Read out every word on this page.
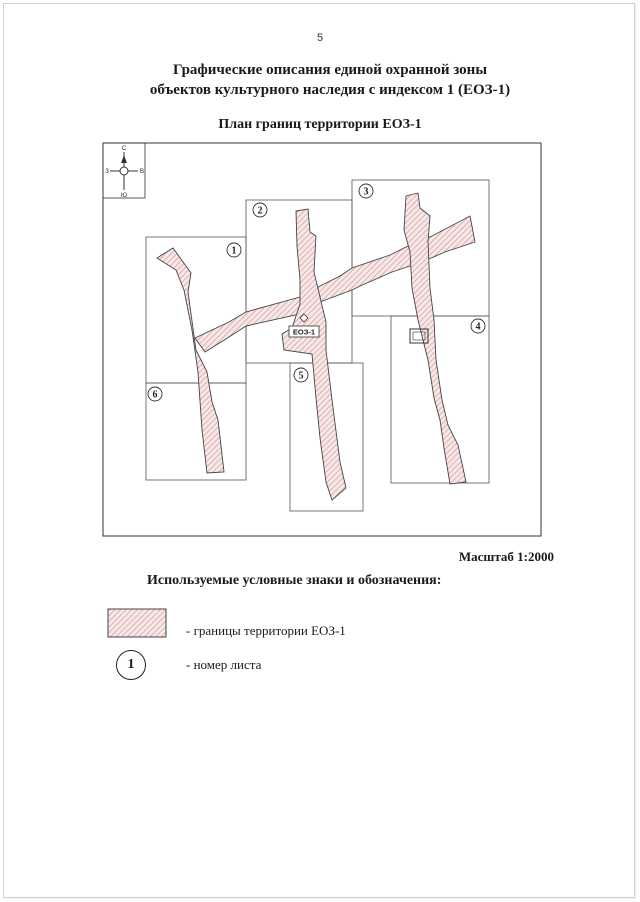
5
Графические описания единой охранной зоны
объектов культурного наследия с индексом 1 (ЕОЗ-1)
План границ территории ЕОЗ-1
ЕОЗ-1
1
2
3
4
5
6
С
Ю
З	В
Масштаб 1:2000
Используемые условные знаки и обозначения:
- границы территории ЕОЗ-1
1	- номер листа
